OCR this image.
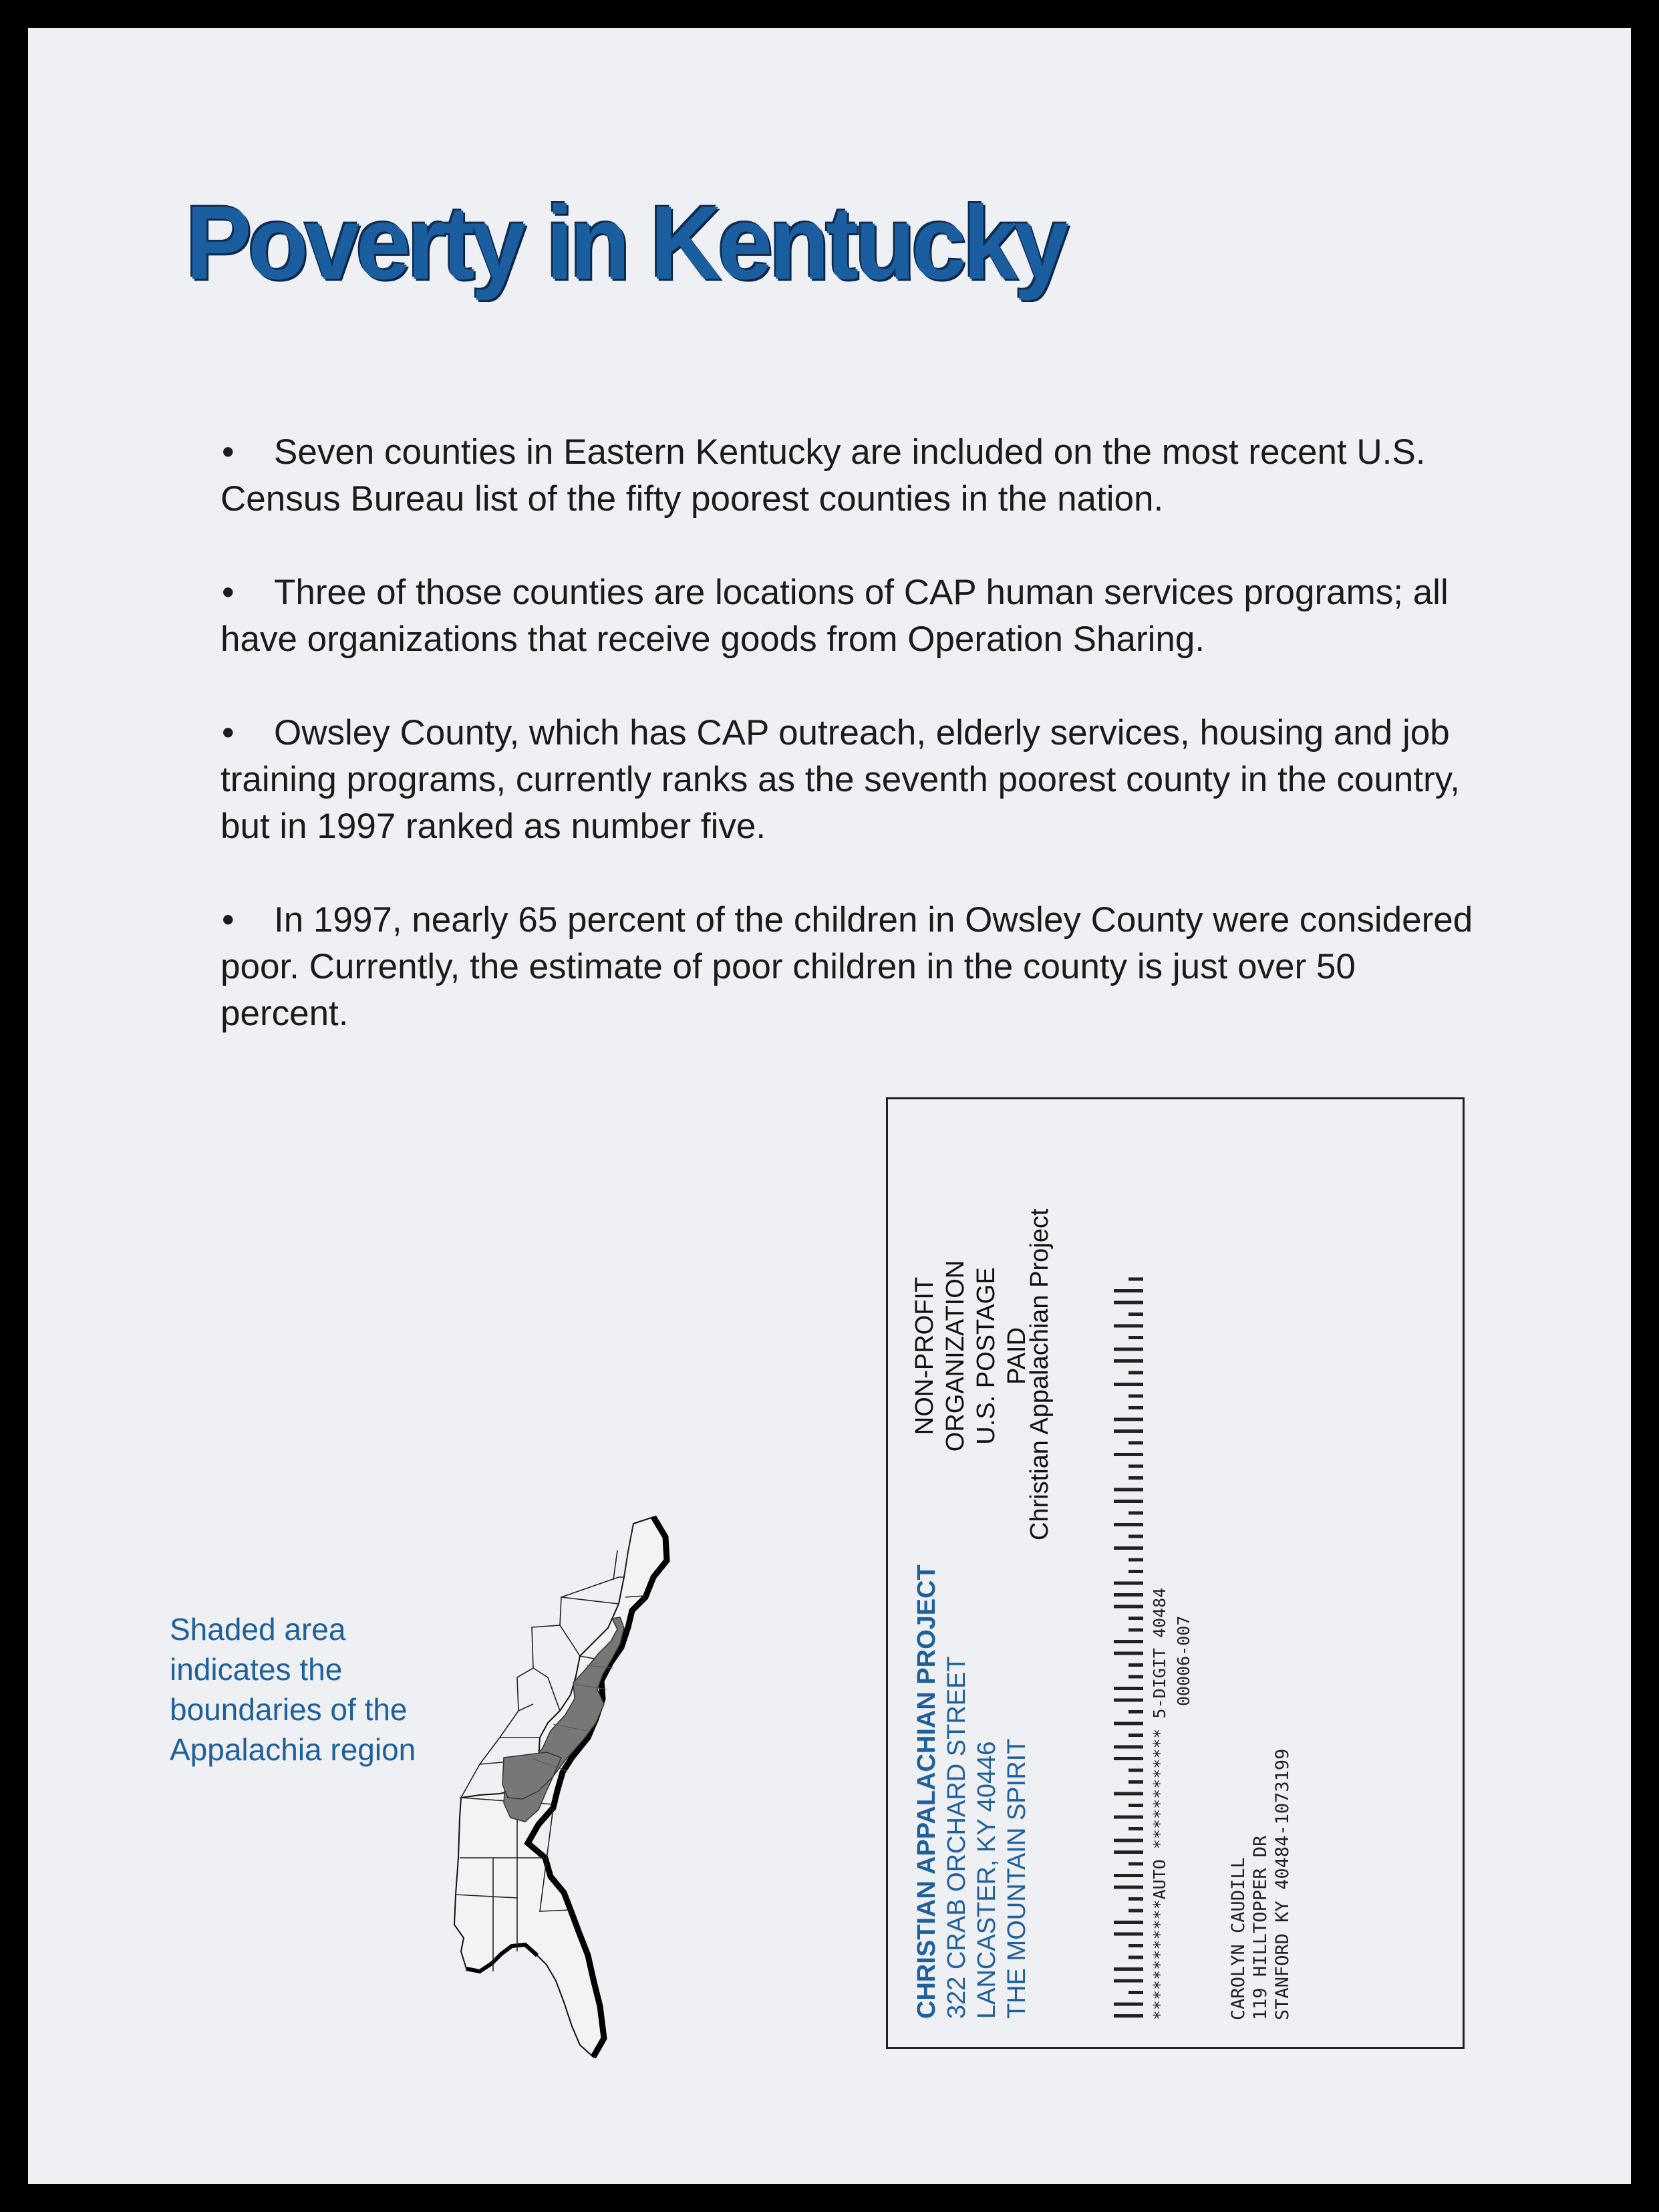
Poverty in Kentucky

• Seven counties in Eastern Kentucky are included on the most recent U.S. Census Bureau list of the fifty poorest counties in the nation.

• Three of those counties are locations of CAP human services programs; all have organizations that receive goods from Operation Sharing.

• Owsley County, which has CAP outreach, elderly services, housing and job training programs, currently ranks as the seventh poorest county in the country, but in 1997 ranked as number five.

• In 1997, nearly 65 percent of the children in Owsley County were considered poor. Currently, the estimate of poor children in the county is just over 50 percent.

Shaded area indicates the boundaries of the Appalachia region	CHRISTIAN APPALACHIAN PROJECT 322 CRAB ORCHARD STREET LANCASTER, KY 40446 THE MOUNTAIN SPIRIT
NON-PROFIT ORGANIZATION U.S. POSTAGE PAID
Christian Appalachian Project
************AUTO ************ 5-DIGIT 40484 00006-007
CAROLYN CAUDILL 119 HILLTOPPER DR STANFORD KY 40484-1073199
